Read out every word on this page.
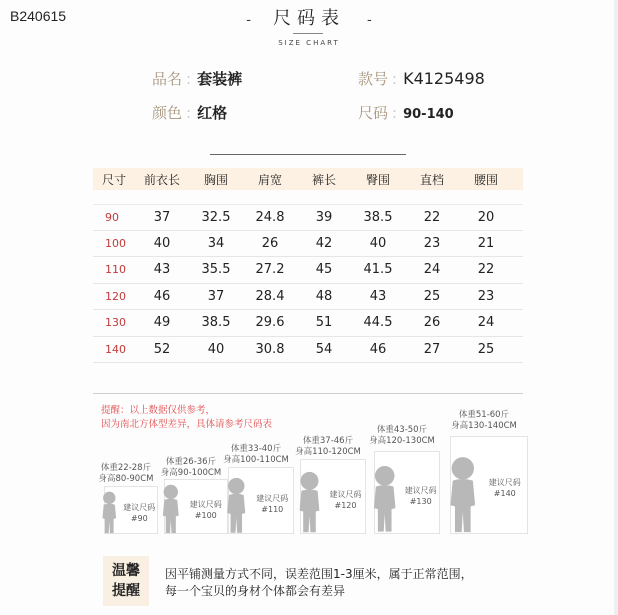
B240615	- 尺码表 -
SIZE CHART
品名 : 套装裤	款号 : K4125498
颜色 : 红格	尺码 : 90-140
尺寸	前衣长	胸围	肩宽	裤长	臀围	直档	腰围
90	37	32.5	24.8	39	38.5	22	20
100	40	34	26	42	40	23	21
110	43	35.5	27.2	45	41.5	24	22
120	46	37	28.4	48	43	25	23
130	49	38.5	29.6	51	44.5	26	24
140	52	40	30.8	54	46	27	25
提醒：以上数据仅供参考，
因为南北方体型差异，具体请参考尺码表
体重22-28斤
身高80-90CM
建议尺码
#90
体重26-36斤
身高90-100CM
建议尺码
#100
体重33-40斤
身高100-110CM
建议尺码
#110
体重37-46斤
身高110-120CM
建议尺码
#120
体重43-50斤
身高120-130CM
建议尺码
#130
体重51-60斤
身高130-140CM
建议尺码
#140
温馨
提醒
因平铺测量方式不同，误差范围1-3厘米，属于正常范围，
每一个宝贝的身材个体都会有差异
